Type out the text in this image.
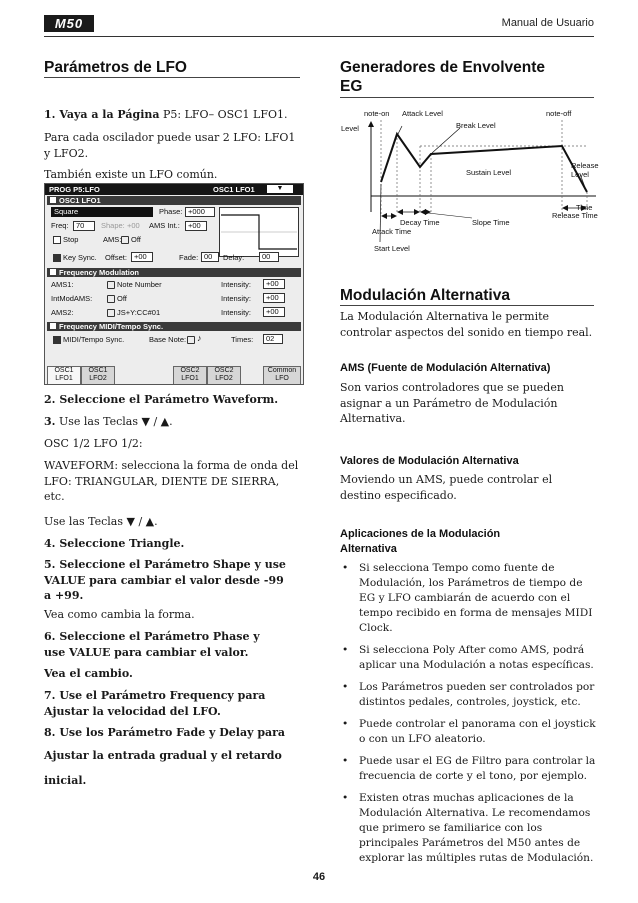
M50	Manual de Usuario
Parámetros de LFO
1. Vaya a la Página P5: LFO– OSC1 LFO1.
Para cada oscilador puede usar 2 LFO: LFO1 y LFO2.
También existe un LFO común.
PROG P5:LFO	OSC1 LFO1	▼
OSC1 LFO1
Square	Phase: +000
Freq: 70	Shape: +00 AMS Int.:	+00
Stop	AMS: Off
Key Sync. Offset: +00	Fade: 00	Delay:	00
Frequency Modulation
AMS1:	Note Number	Intensity:	+00
IntModAMS:	Off	Intensity:	+00
AMS2:	JS+Y:CC#01	Intensity:	+00
Frequency MIDI/Tempo Sync.
MIDI/Tempo Sync.	Base Note: ♪	Times:	02
OSC1
LFO1
OSC1
LFO2
OSC2
LFO1
OSC2
LFO2
Common
LFO
2. Seleccione el Parámetro Waveform.
3. Use las Teclas ▼ / ▲.
OSC 1/2 LFO 1/2:
WAVEFORM: selecciona la forma de onda del LFO: TRIANGULAR, DIENTE DE SIERRA, etc.
Use las Teclas ▼ / ▲.
4. Seleccione Triangle.
5. Seleccione el Parámetro Shape y use VALUE para cambiar el valor desde -99 a +99.
Vea como cambia la forma.
6. Seleccione el Parámetro Phase y use VALUE para cambiar el valor.
Vea el cambio.
7. Use el Parámetro Frequency para Ajustar la velocidad del LFO.
8. Use los Parámetro Fade y Delay para
Ajustar la entrada gradual y el retardo
inicial.
Generadores de Envolvente
EG
Level
note-on Attack Level
Break Level
note-off
Sustain Level
Release
Level
Time
Decay Time	Slope Time
Release Time
Attack Time
Start Level
Modulación Alternativa
La Modulación Alternativa le permite controlar aspectos del sonido en tiempo real.
AMS (Fuente de Modulación Alternativa)
Son varios controladores que se pueden asignar a un Parámetro de Modulación Alternativa.
Valores de Modulación Alternativa
Moviendo un AMS, puede controlar el destino especificado.
Aplicaciones de la Modulación Alternativa
• Si selecciona Tempo como fuente de Modulación, los Parámetros de tiempo de EG y LFO cambiarán de acuerdo con el tempo recibido en forma de mensajes MIDI Clock.
• Si selecciona Poly After como AMS, podrá aplicar una Modulación a notas específicas.
• Los Parámetros pueden ser controlados por distintos pedales, controles, joystick, etc.
• Puede controlar el panorama con el joystick o con un LFO aleatorio.
• Puede usar el EG de Filtro para controlar la frecuencia de corte y el tono, por ejemplo.
• Existen otras muchas aplicaciones de la Modulación Alternativa. Le recomendamos que primero se familiarice con los principales Parámetros del M50 antes de explorar las múltiples rutas de Modulación.
46
